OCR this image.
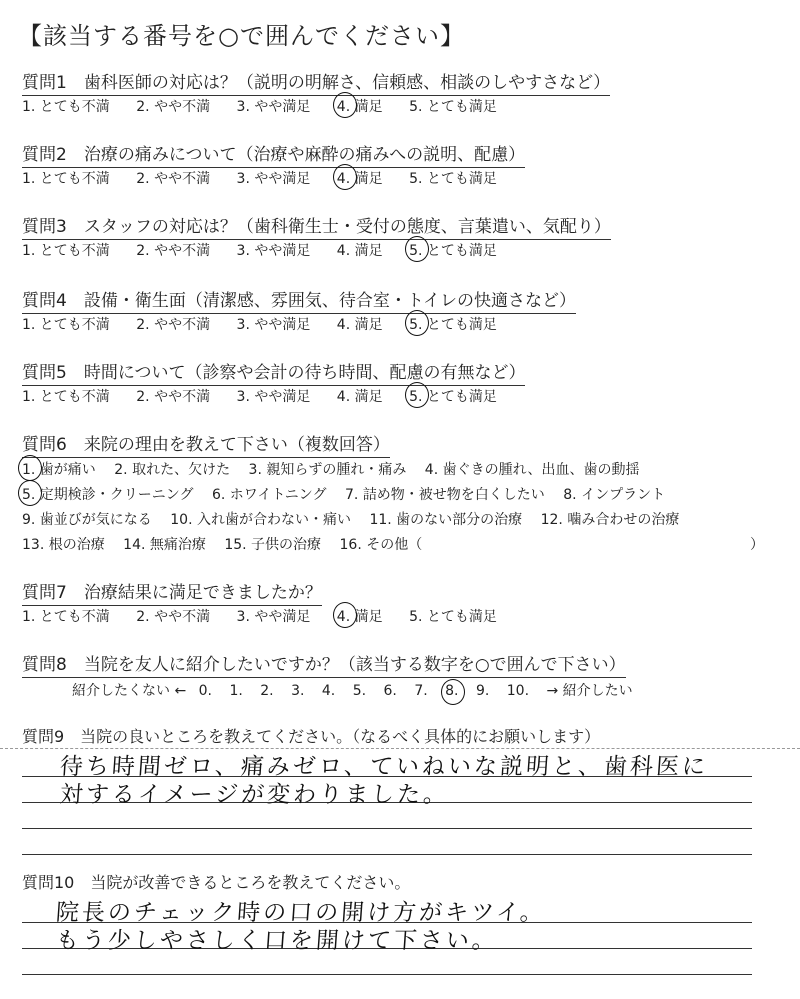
【該当する番号を○で囲んでください】
質問1　歯科医師の対応は？（説明の明解さ、信頼感、相談のしやすさなど）
1. とても不満 2. やや不満 3. やや満足 4. 満足 5. とても満足
質問2　治療の痛みについて（治療や麻酔の痛みへの説明、配慮）
1. とても不満 2. やや不満 3. やや満足 4. 満足 5. とても満足
質問3　スタッフの対応は？（歯科衛生士・受付の態度、言葉遣い、気配り）
1. とても不満 2. やや不満 3. やや満足 4. 満足 5. とても満足
質問4　設備・衛生面（清潔感、雰囲気、待合室・トイレの快適さなど）
1. とても不満 2. やや不満 3. やや満足 4. 満足 5. とても満足
質問5　時間について（診察や会計の待ち時間、配慮の有無など）
1. とても不満 2. やや不満 3. やや満足 4. 満足 5. とても満足
質問6　来院の理由を教えて下さい（複数回答）
1. 歯が痛い 2. 取れた、欠けた 3. 親知らずの腫れ・痛み 4. 歯ぐきの腫れ、出血、歯の動揺
5. 定期検診・クリーニング 6. ホワイトニング 7. 詰め物・被せ物を白くしたい 8. インプラント
9. 歯並びが気になる 10. 入れ歯が合わない・痛い 11. 歯のない部分の治療 12. 噛み合わせの治療
13. 根の治療 14. 無痛治療 15. 子供の治療 16. その他（	）
質問7　治療結果に満足できましたか？
1. とても不満 2. やや不満 3. やや満足 4. 満足 5. とても満足
質問8　当院を友人に紹介したいですか？（該当する数字を○で囲んで下さい）
紹介したくない ← 0. 1. 2. 3. 4. 5. 6. 7. 8. 9. 10. → 紹介したい
質問9　当院の良いところを教えてください。（なるべく具体的にお願いします）
待ち時間ゼロ、痛みゼロ、ていねいな説明と、歯科医に
対するイメージが変わりました。
質問10　当院が改善できるところを教えてください。
院長のチェック時の口の開け方がキツイ。
もう少しやさしく口を開けて下さい。
